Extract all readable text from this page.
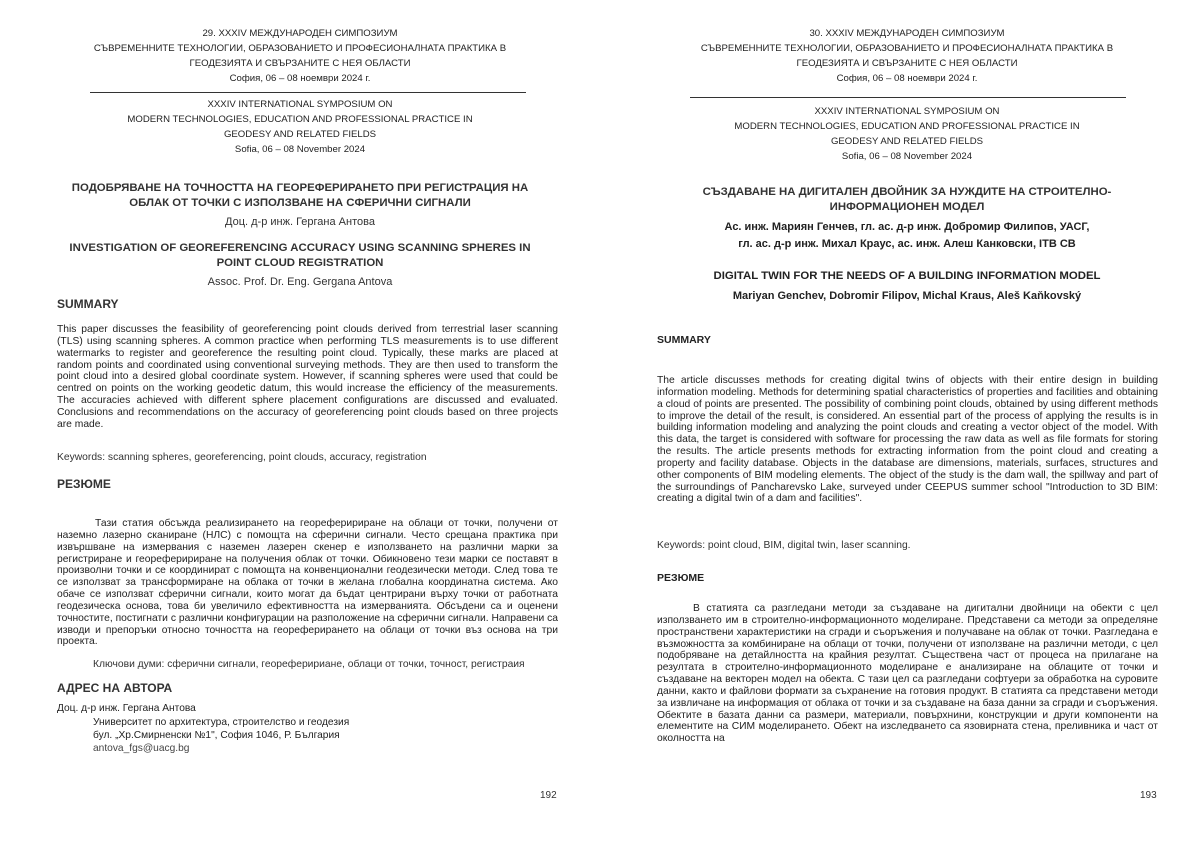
29. XXXIV МЕЖДУНАРОДЕН СИМПОЗИУМ
СЪВРЕМЕННИТЕ ТЕХНОЛОГИИ, ОБРАЗОВАНИЕТО И ПРОФЕСИОНАЛНАТА ПРАКТИКА В
ГЕОДЕЗИЯТА И СВЪРЗАНИТЕ С НЕЯ ОБЛАСТИ
София, 06 – 08 ноември 2024 г.
XXXIV INTERNATIONAL SYMPOSIUM ON
MODERN TECHNOLOGIES, EDUCATION AND PROFESSIONAL PRACTICE IN
GEODESY AND RELATED FIELDS
Sofia, 06 – 08 November 2024
ПОДОБРЯВАНЕ НА ТОЧНОСТТА НА ГЕОРЕФЕРИРАНЕТО ПРИ РЕГИСТРАЦИЯ НА
ОБЛАК ОТ ТОЧКИ С ИЗПОЛЗВАНЕ НА СФЕРИЧНИ СИГНАЛИ
Доц. д-р инж. Гергана Антова
INVESTIGATION OF GEOREFERENCING ACCURACY USING SCANNING SPHERES IN
POINT CLOUD REGISTRATION
Assoc. Prof. Dr. Eng. Gergana Antova
SUMMARY

This paper discusses the feasibility of georeferencing point clouds derived from terrestrial laser scanning (TLS) using scanning spheres. A common practice when performing TLS measurements is to use different watermarks to register and georeference the resulting point cloud. Typically, these marks are placed at random points and coordinated using conventional surveying methods. They are then used to transform the point cloud into a desired global coordinate system. However, if scanning spheres were used that could be centred on points on the working geodetic datum, this would increase the efficiency of the measurements. The accuracies achieved with different sphere placement configurations are discussed and evaluated. Conclusions and recommendations on the accuracy of georeferencing point clouds based on three projects are made.

Keywords: scanning spheres, georeferencing, point clouds, accuracy, registration
РЕЗЮМЕ

Тази статия обсъжда реализирането на геореферириране на облаци от точки, получени от наземно лазерно сканиране (НЛС) с помощта на сферични сигнали. Често срещана практика при извършване на измервания с наземен лазерен скенер е използването на различни марки за регистриране и геореферириране на получения облак от точки. Обикновено тези марки се поставят в произволни точки и се координират с помощта на конвенционални геодезически методи. След това те се използват за трансформиране на облака от точки в желана глобална координатна система. Ако обаче се използват сферични сигнали, които могат да бъдат центрирани върху точки от работната геодезическа основа, това би увеличило ефективността на измерванията. Обсъдени са и оценени точностите, постигнати с различни конфигурации на разположение на сферични сигнали. Направени са изводи и препоръки относно точността на геореферирането на облаци от точки въз основа на три проекта.

Ключови думи: сферични сигнали, геореферириане, облаци от точки, точност, регистраия
АДРЕС НА АВТОРА
Доц. д-р инж. Гергана Антова
Университет по архитектура, строителство и геодезия
бул. „Хр.Смирненски №1", София 1046, Р. България
antova_fgs@uacg.bg
192
30. XXXIV МЕЖДУНАРОДЕН СИМПОЗИУМ
СЪВРЕМЕННИТЕ ТЕХНОЛОГИИ, ОБРАЗОВАНИЕТО И ПРОФЕСИОНАЛНАТА ПРАКТИКА В
ГЕОДЕЗИЯТА И СВЪРЗАНИТЕ С НЕЯ ОБЛАСТИ
София, 06 – 08 ноември 2024 г.
XXXIV INTERNATIONAL SYMPOSIUM ON
MODERN TECHNOLOGIES, EDUCATION AND PROFESSIONAL PRACTICE IN
GEODESY AND RELATED FIELDS
Sofia, 06 – 08 November 2024
СЪЗДАВАНЕ НА ДИГИТАЛЕН ДВОЙНИК ЗА НУЖДИТЕ НА СТРОИТЕЛНО-
ИНФОРМАЦИОНЕН МОДЕЛ
Ас. инж. Мариян Генчев, гл. ас. д-р инж. Добромир Филипов, УАСГ,
гл. ас. д-р инж. Михал Краус, ас. инж. Алеш Канковски, ITB CB
DIGITAL TWIN FOR THE NEEDS OF A BUILDING INFORMATION MODEL
Mariyan Genchev, Dobromir Filipov, Michal Kraus, Aleš Kaňkovský
SUMMARY

The article discusses methods for creating digital twins of objects with their entire design in building information modeling. Methods for determining spatial characteristics of properties and facilities and obtaining a cloud of points are presented. The possibility of combining point clouds, obtained by using different methods to improve the detail of the result, is considered. An essential part of the process of applying the results is in building information modeling and analyzing the point clouds and creating a vector object of the model. With this data, the target is considered with software for processing the raw data as well as file formats for storing the results. The article presents methods for extracting information from the point cloud and creating a property and facility database. Objects in the database are dimensions, materials, surfaces, structures and other components of BIM modeling elements. The object of the study is the dam wall, the spillway and part of the surroundings of Pancharevsko Lake, surveyed under CEEPUS summer school "Introduction to 3D BIM: creating a digital twin of a dam and facilities".

Keywords: point cloud, BIM, digital twin, laser scanning.
РЕЗЮМЕ

В статията са разгледани методи за създаване на дигитални двойници на обекти с цел използването им в строително-информационното моделиране. Представени са методи за определяне пространствени характеристики на сгради и съоръжения и получаване на облак от точки. Разгледана е възможността за комбиниране на облаци от точки, получени от използване на различни методи, с цел подобряване на детайлността на крайния резултат. Съществена част от процеса на прилагане на резултата в строително-информационното моделиране е анализиране на облаците от точки и създаване на векторен модел на обекта. С тази цел са разгледани софтуери за обработка на суровите данни, както и файлови формати за съхранение на готовия продукт. В статията са представени методи за извличане на информация от облака от точки и за създаване на база данни за сгради и съоръжения. Обектите в базата данни са размери, материали, повърхнини, конструкции и други компоненти на елементите на СИМ моделирането. Обект на изследването са язовирната стена, преливника и част от околността на

193
